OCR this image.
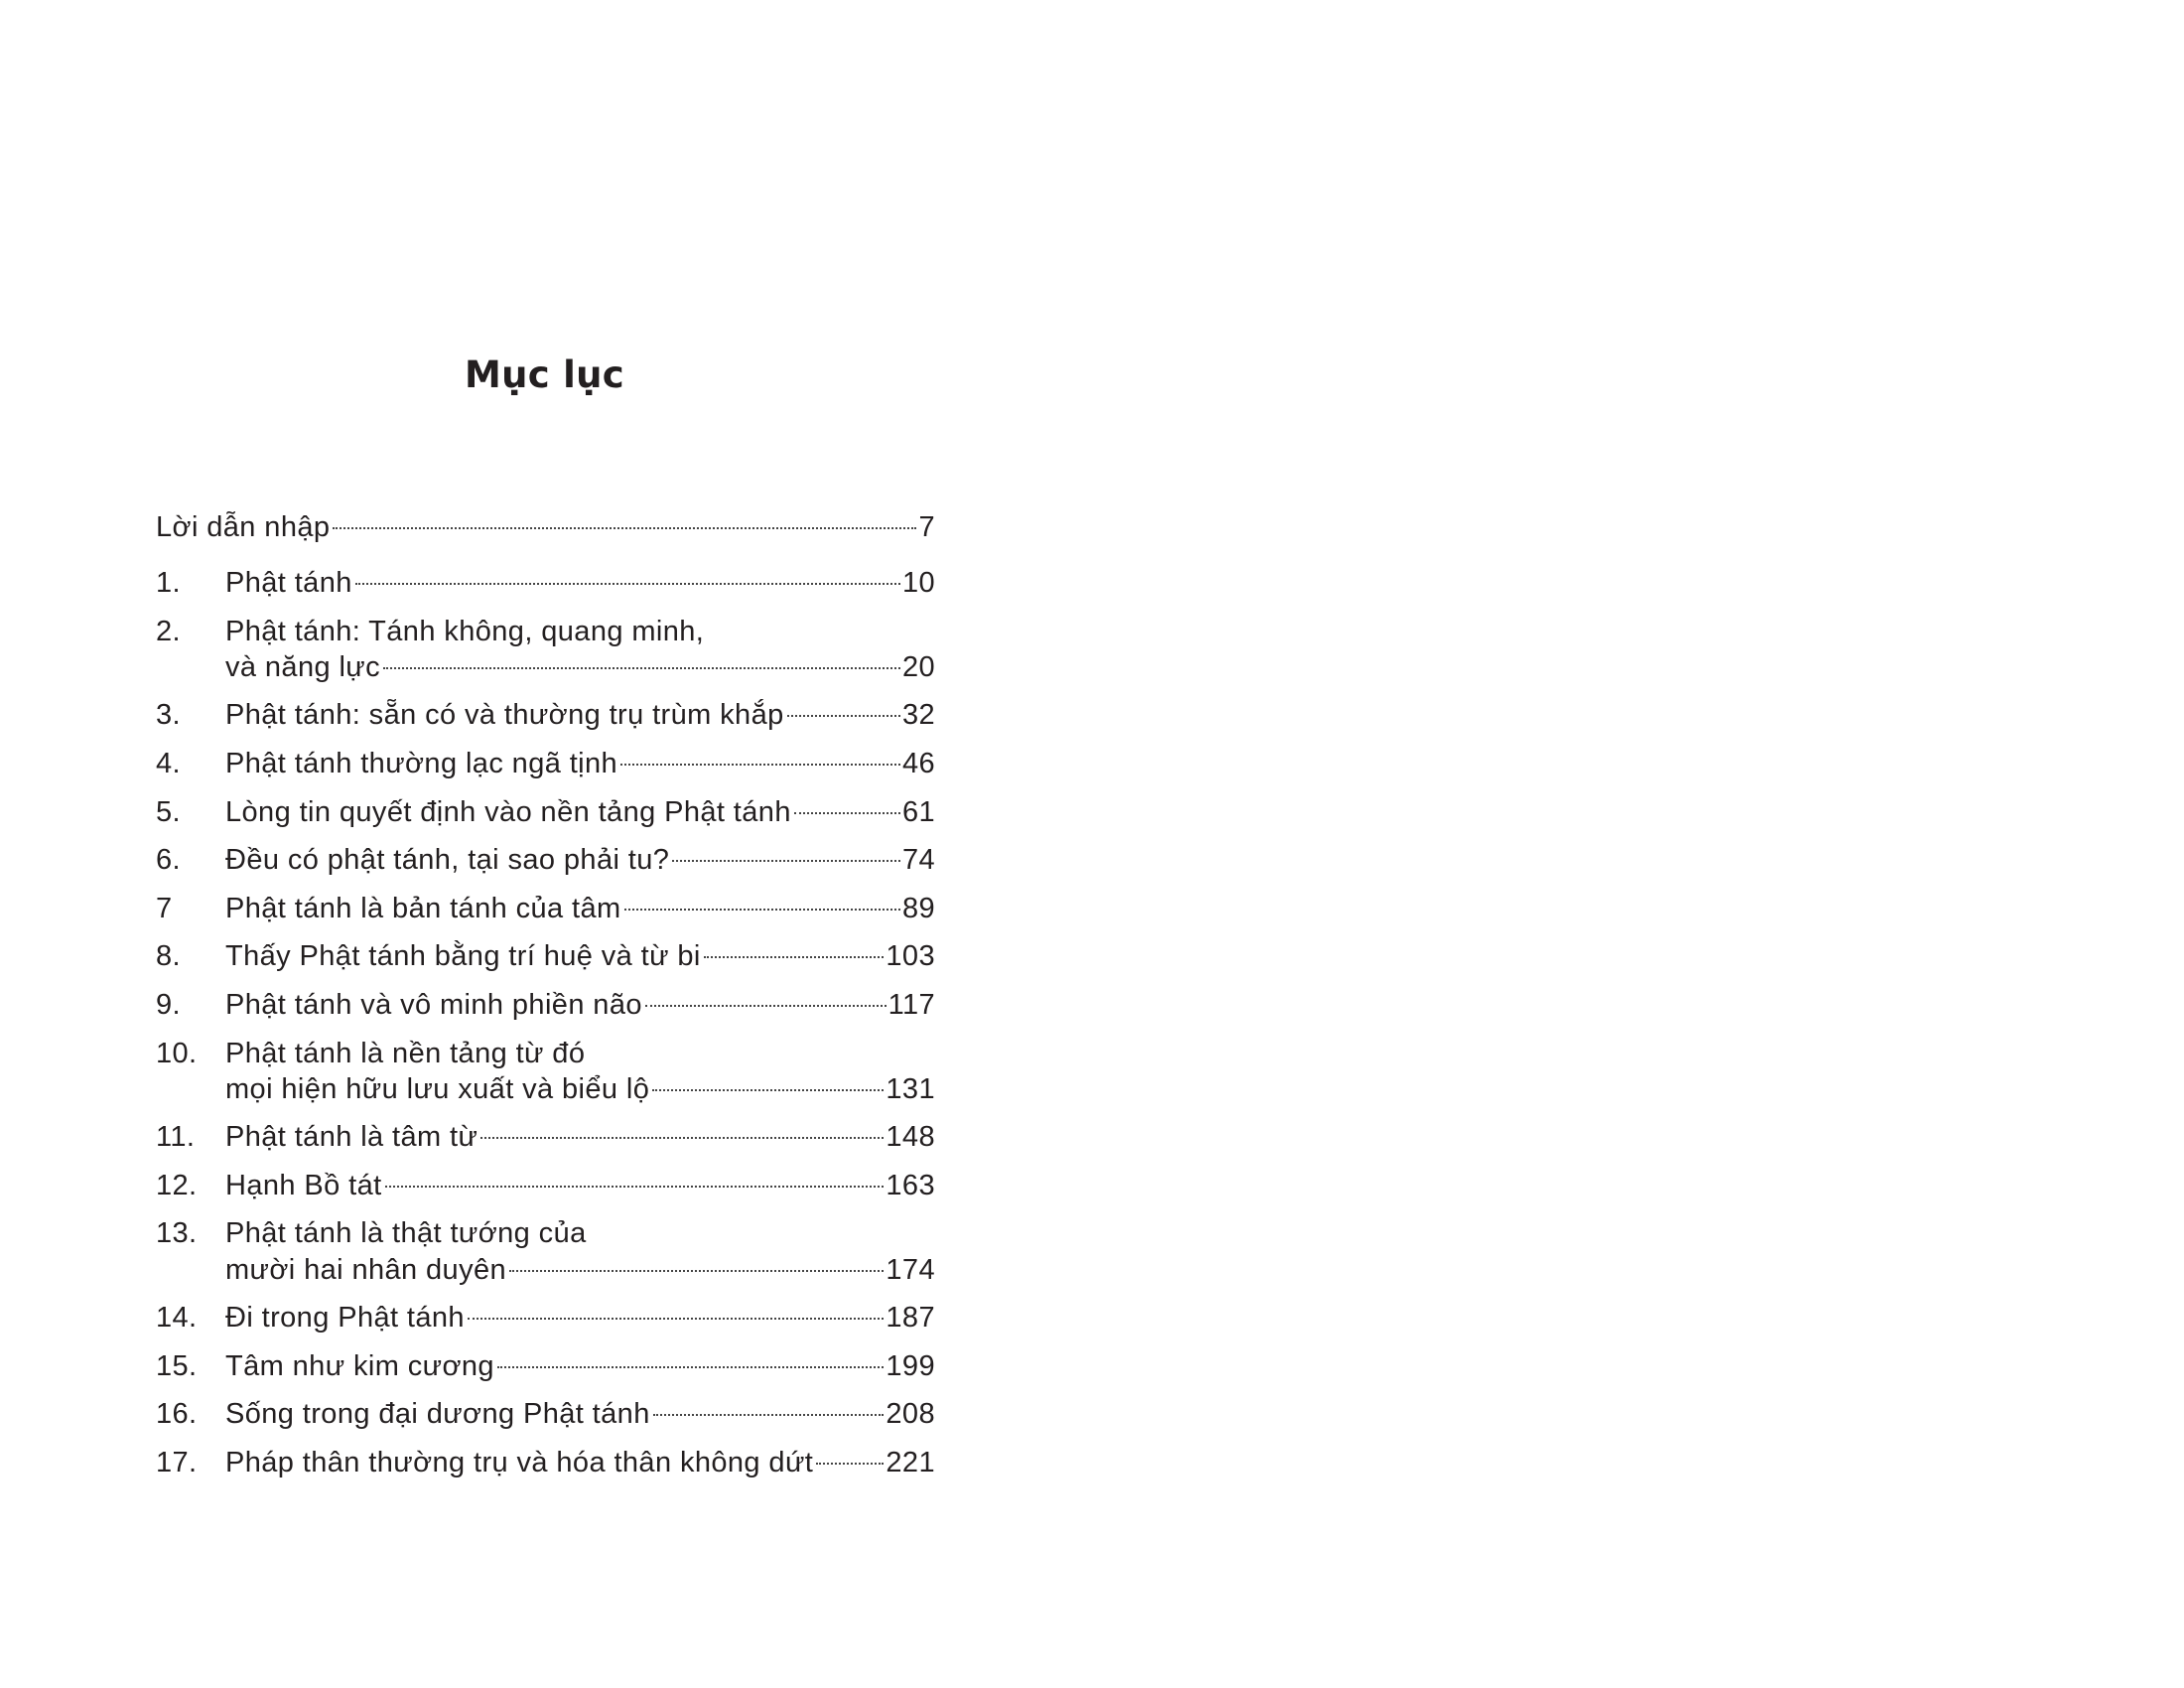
Mục lục
Lời dẫn nhập	7
1.	Phật tánh	10
2.	Phật tánh: Tánh không, quang minh,
và năng lực	20
3.	Phật tánh: sẵn có và thường trụ trùm khắp	32
4.	Phật tánh thường lạc ngã tịnh	46
5.	Lòng tin quyết định vào nền tảng Phật tánh	61
6.	Đều có phật tánh, tại sao phải tu?	74
7	Phật tánh là bản tánh của tâm	89
8.	Thấy Phật tánh bằng trí huệ và từ bi	103
9.	Phật tánh và vô minh phiền não	117
10. Phật tánh là nền tảng từ đó
mọi hiện hữu lưu xuất và biểu lộ	131
11.	Phật tánh là tâm từ	148
12. Hạnh Bồ tát	163
13. Phật tánh là thật tướng của
mười hai nhân duyên	174
14. Đi trong Phật tánh	187
15. Tâm như kim cương	199
16. Sống trong đại dương Phật tánh	208
17. Pháp thân thường trụ và hóa thân không dứt	221
